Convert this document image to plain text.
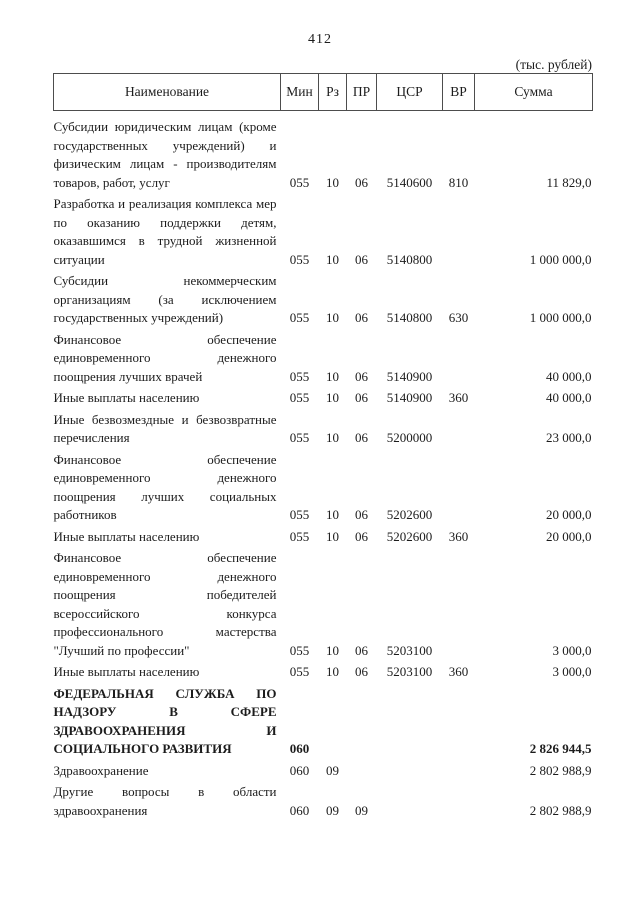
412
(тыс. рублей)
Наименование	Мин	Рз	ПР	ЦСР	ВР	Сумма
Субсидии юридическим лицам (кроме государственных учреждений) и физическим лицам - производителям товаров, работ, услуг	055	10	06	5140600	810	11 829,0
Разработка и реализация комплекса мер по оказанию поддержки детям, оказавшимся в трудной жизненной ситуации	055	10	06	5140800		1 000 000,0
Субсидии некоммерческим организациям (за исключением государственных учреждений)	055	10	06	5140800	630	1 000 000,0
Финансовое обеспечение единовременного денежного поощрения лучших врачей	055	10	06	5140900		40 000,0
Иные выплаты населению	055	10	06	5140900	360	40 000,0
Иные безвозмездные и безвозвратные перечисления	055	10	06	5200000		23 000,0
Финансовое обеспечение единовременного денежного поощрения лучших социальных работников	055	10	06	5202600		20 000,0
Иные выплаты населению	055	10	06	5202600	360	20 000,0
Финансовое обеспечение единовременного денежного поощрения победителей всероссийского конкурса профессионального мастерства "Лучший по профессии"	055	10	06	5203100		3 000,0
Иные выплаты населению	055	10	06	5203100	360	3 000,0
ФЕДЕРАЛЬНАЯ СЛУЖБА ПО НАДЗОРУ В СФЕРЕ ЗДРАВООХРАНЕНИЯ И СОЦИАЛЬНОГО РАЗВИТИЯ	060					2 826 944,5
Здравоохранение	060	09				2 802 988,9
Другие вопросы в области здравоохранения	060	09	09			2 802 988,9
